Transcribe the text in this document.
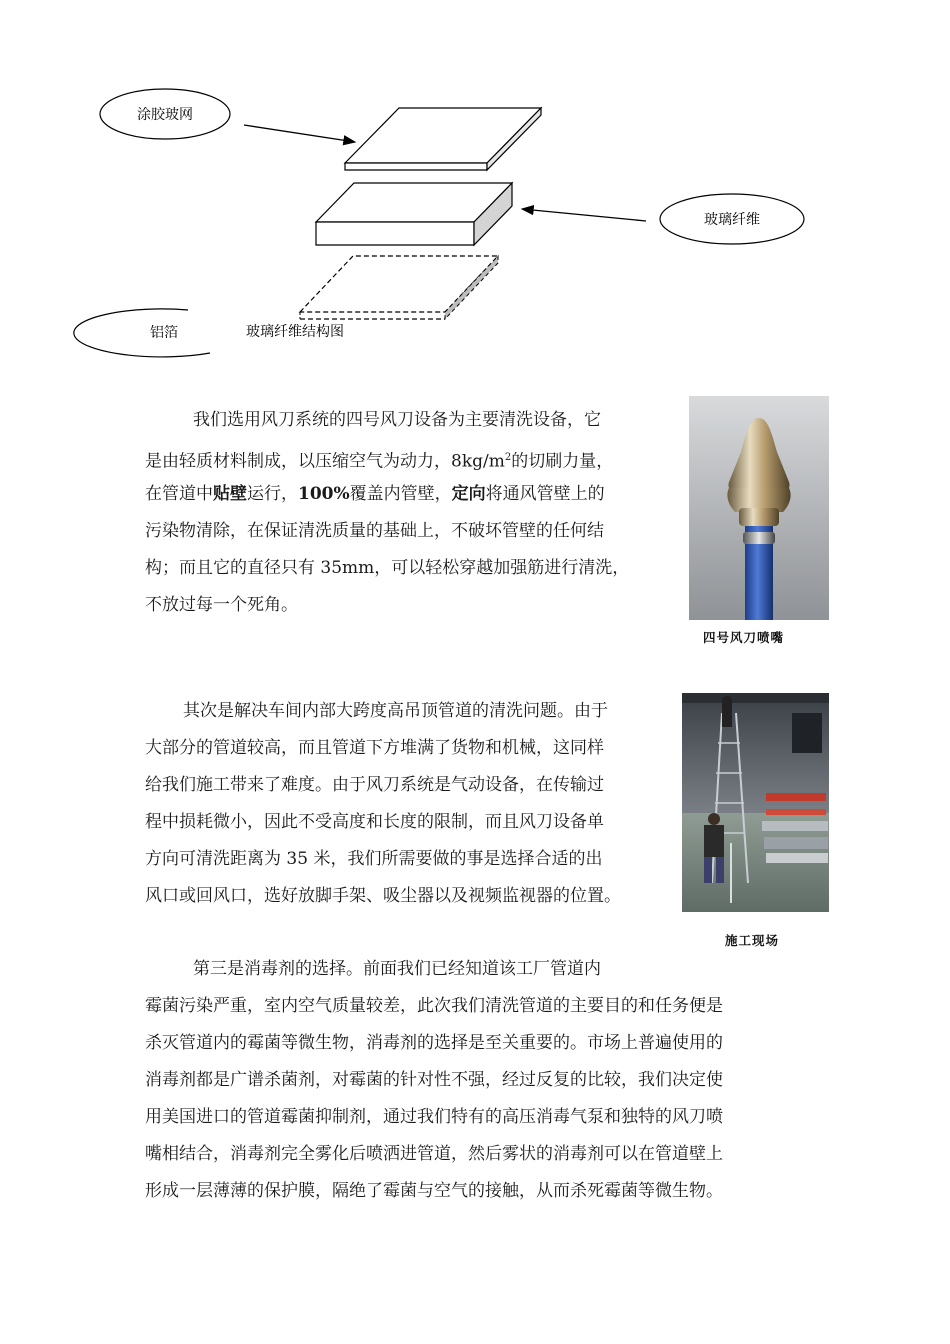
涂胶玻网
玻璃纤维
铝箔	玻璃纤维结构图
我们选用风刀系统的四号风刀设备为主要清洗设备，它
是由轻质材料制成，以压缩空气为动力，$8kg/m^2$的切刷力量，
在管道中贴壁运行，100%覆盖内管壁，定向将通风管壁上的
污染物清除，在保证清洗质量的基础上，不破坏管壁的任何结
构；而且它的直径只有 35mm，可以轻松穿越加强筋进行清洗，
不放过每一个死角。
四号风刀喷嘴
其次是解决车间内部大跨度高吊顶管道的清洗问题。由于
大部分的管道较高，而且管道下方堆满了货物和机械，这同样
给我们施工带来了难度。由于风刀系统是气动设备，在传输过
程中损耗微小，因此不受高度和长度的限制，而且风刀设备单
方向可清洗距离为 35 米，我们所需要做的事是选择合适的出
风口或回风口，选好放脚手架、吸尘器以及视频监视器的位置。
施工现场
第三是消毒剂的选择。前面我们已经知道该工厂管道内
霉菌污染严重，室内空气质量较差，此次我们清洗管道的主要目的和任务便是
杀灭管道内的霉菌等微生物，消毒剂的选择是至关重要的。市场上普遍使用的
消毒剂都是广谱杀菌剂，对霉菌的针对性不强，经过反复的比较，我们决定使
用美国进口的管道霉菌抑制剂，通过我们特有的高压消毒气泵和独特的风刀喷
嘴相结合，消毒剂完全雾化后喷洒进管道，然后雾状的消毒剂可以在管道壁上
形成一层薄薄的保护膜，隔绝了霉菌与空气的接触，从而杀死霉菌等微生物。
